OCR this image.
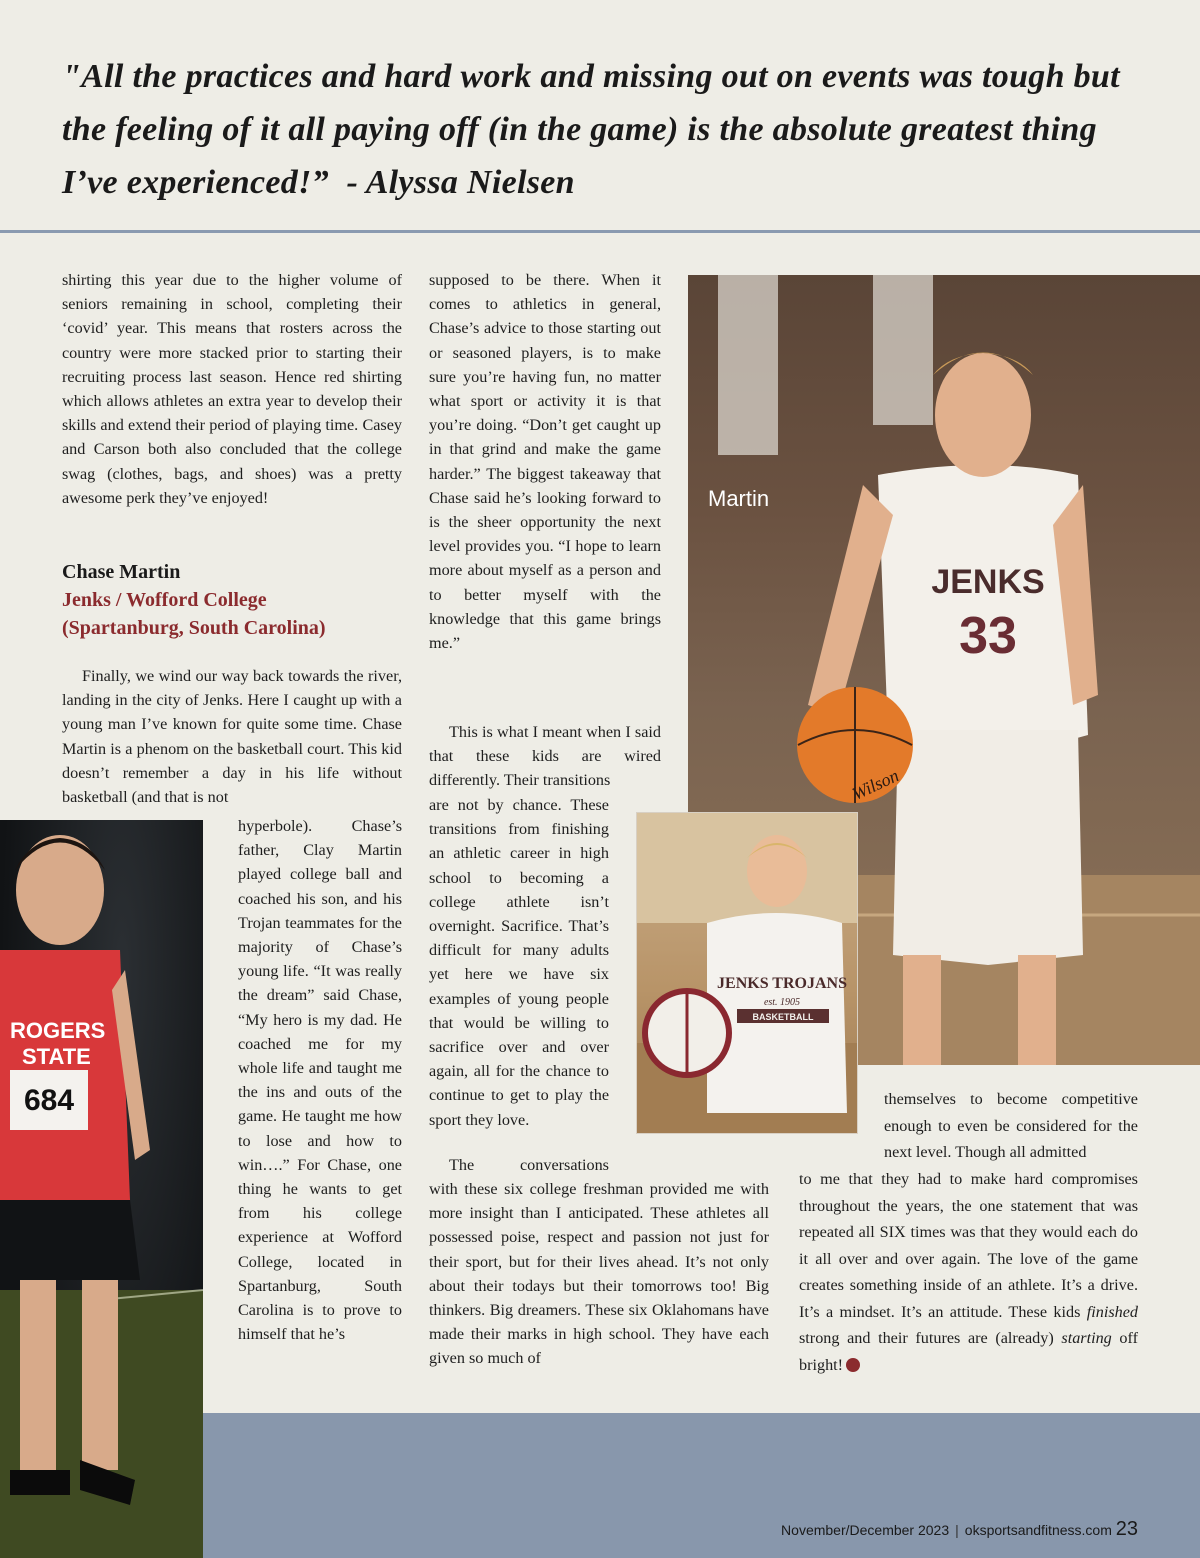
"All the practices and hard work and missing out on events was tough but the feeling of it all paying off (in the game) is the absolute greatest thing I’ve experienced!” - Alyssa Nielsen
JENKS
33
Wilson
Martin
JENKS TROJANS
est. 1905
BASKETBALL
ROGERS
STATE
684

shirting this year due to the higher volume of seniors remaining in school, completing their ‘covid’ year. This means that rosters across the country were more stacked prior to starting their recruiting process last season. Hence red shirting which allows athletes an extra year to develop their skills and extend their period of playing time. Casey and Carson both also concluded that the college swag (clothes, bags, and shoes) was a pretty awesome perk they’ve enjoyed!

Chase Martin
Jenks / Wofford College
(Spartanburg, South Carolina)

Finally, we wind our way back towards the river, landing in the city of Jenks. Here I caught up with a young man I’ve known for quite some time. Chase Martin is a phenom on the basketball court. This kid doesn’t remember a day in his life without basketball (and that is not

hyperbole). Chase’s father, Clay Martin played college ball and coached his son, and his Trojan teammates for the majority of Chase’s young life. “It was really the dream” said Chase, “My hero is my dad. He coached me for my whole life and taught me the ins and outs of the game. He taught me how to lose and how to win….” For Chase, one thing he wants to get from his college experience at Wofford College, located in Spartanburg, South Carolina is to prove to himself that he’s

supposed to be there. When it comes to athletics in general, Chase’s advice to those starting out or seasoned players, is to make sure you’re having fun, no matter what sport or activity it is that you’re doing. “Don’t get caught up in that grind and make the game harder.” The biggest takeaway that Chase said he’s looking forward to is the sheer opportunity the next level provides you. “I hope to learn more about myself as a person and to better myself with the knowledge that this game brings me.”

This is what I meant when I said that these kids are wired differently. Their transitions

are not by chance. These transitions from finishing an athletic career in high school to becoming a college athlete isn’t overnight. Sacrifice. That’s difficult for many adults yet here we have six examples of young people that would be willing to sacrifice over and over again, all for the chance to continue to get to play the sport they love.

The conversations

with these six college freshman provided me with more insight than I anticipated. These athletes all possessed poise, respect and passion not just for their sport, but for their lives ahead. It’s not only about their todays but their tomorrows too! Big thinkers. Big dreamers. These six Oklahomans have made their marks in high school. They have each given so much of

themselves to become competitive enough to even be considered for the next level. Though all admitted

to me that they had to make hard compromises throughout the years, the one statement that was repeated all SIX times was that they would each do it all over and over again. The love of the game creates something inside of an athlete. It’s a drive. It’s a mindset. It’s an attitude. These kids finished strong and their futures are (already) starting off bright!

November/December 2023 | oksportsandfitness.com 23
